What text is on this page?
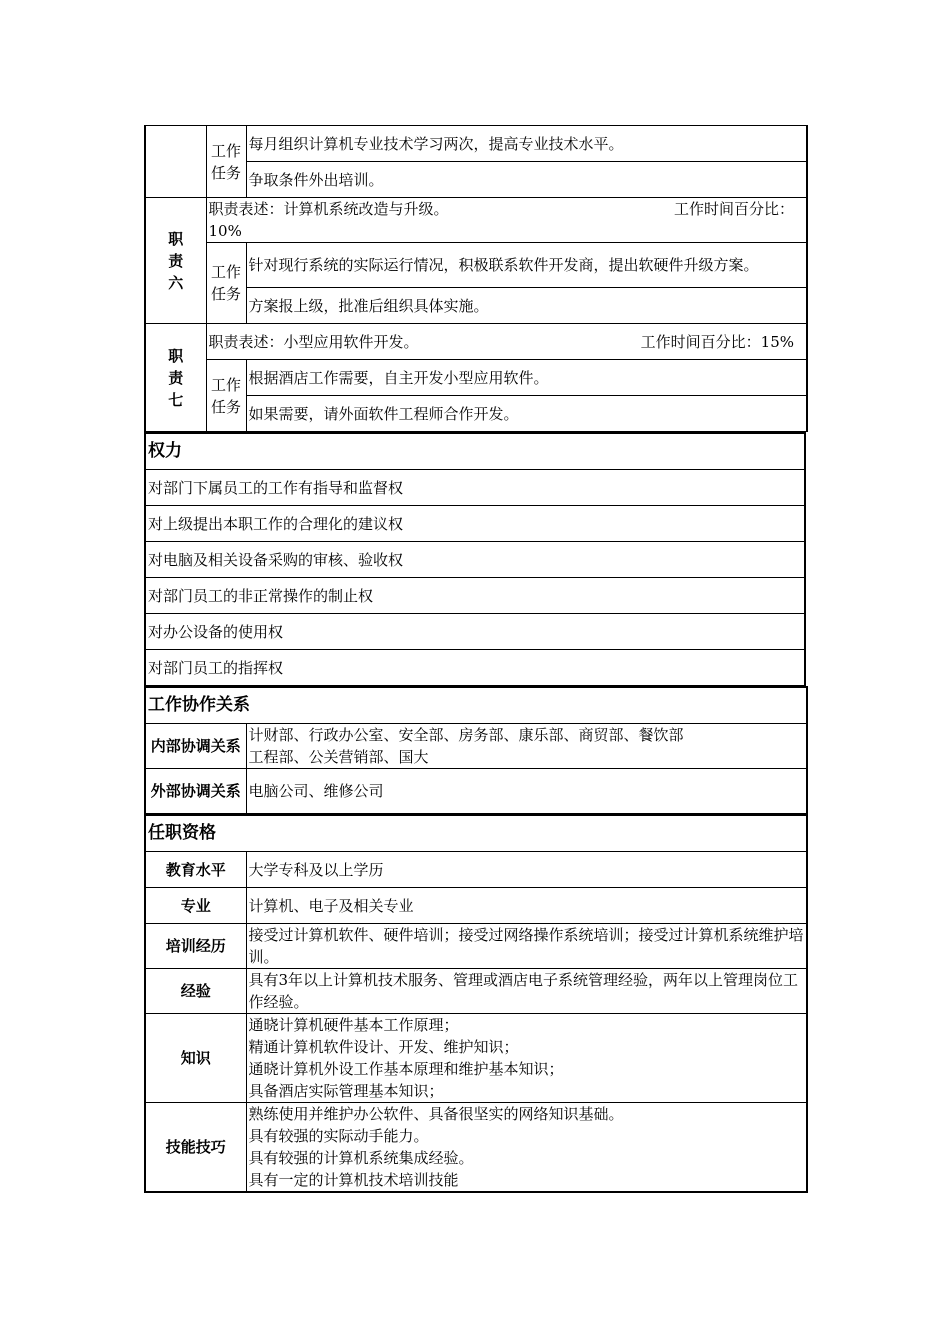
	工作任务	每月组织计算机专业技术学习两次，提高专业技术水平。
		争取条件外出培训。

职责六	职责表述：计算机系统改造与升级。 工作时间百分比：
10%	

	工作任务	针对现行系统的实际运行情况，积极联系软件开发商，提出软硬件升级方案。
		方案报上级，批准后组织具体实施。

职责七	职责表述：小型应用软件开发。 工作时间百分比：15%	

	工作任务	根据酒店工作需要，自主开发小型应用软件。
		如果需要，请外面软件工程师合作开发。
权力
对部门下属员工的工作有指导和监督权
对上级提出本职工作的合理化的建议权
对电脑及相关设备采购的审核、验收权
对部门员工的非正常操作的制止权
对办公设备的使用权
对部门员工的指挥权
工作协作关系	
内部协调关系	计财部、行政办公室、安全部、房务部、康乐部、商贸部、餐饮部
工程部、公关营销部、国大

外部协调关系	电脑公司、维修公司
任职资格	
教育水平	大学专科及以上学历
专业	计算机、电子及相关专业
培训经历	接受过计算机软件、硬件培训；接受过网络操作系统培训；接受过计算机系统维护培训。
经验	具有3年以上计算机技术服务、管理或酒店电子系统管理经验，两年以上管理岗位工作经验。
知识	通晓计算机硬件基本工作原理；
精通计算机软件设计、开发、维护知识；
通晓计算机外设工作基本原理和维护基本知识；
具备酒店实际管理基本知识；

技能技巧	熟练使用并维护办公软件、具备很坚实的网络知识基础。
具有较强的实际动手能力。
具有较强的计算机系统集成经验。
具有一定的计算机技术培训技能
